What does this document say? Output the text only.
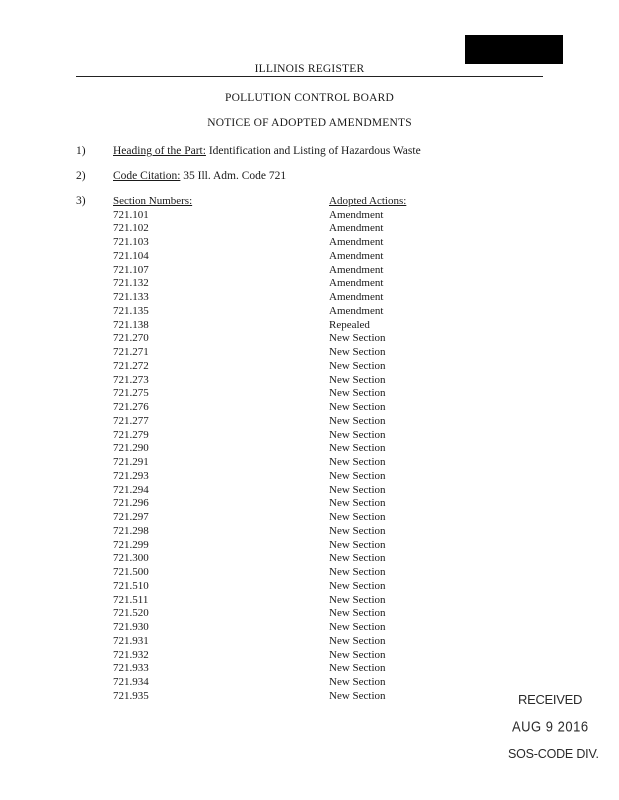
ILLINOIS REGISTER
POLLUTION CONTROL BOARD
NOTICE OF ADOPTED AMENDMENTS
1) Heading of the Part: Identification and Listing of Hazardous Waste
2) Code Citation: 35 Ill. Adm. Code 721
3) Section Numbers:	Adopted Actions:
721.101	Amendment
721.102	Amendment
721.103	Amendment
721.104	Amendment
721.107	Amendment
721.132	Amendment
721.133	Amendment
721.135	Amendment
721.138	Repealed
721.270	New Section
721.271	New Section
721.272	New Section
721.273	New Section
721.275	New Section
721.276	New Section
721.277	New Section
721.279	New Section
721.290	New Section
721.291	New Section
721.293	New Section
721.294	New Section
721.296	New Section
721.297	New Section
721.298	New Section
721.299	New Section
721.300	New Section
721.500	New Section
721.510	New Section
721.511	New Section
721.520	New Section
721.930	New Section
721.931	New Section
721.932	New Section
721.933	New Section
721.934	New Section
721.935	New Section	RECEIVED
AUG 9 2016
SOS-CODE DIV.
